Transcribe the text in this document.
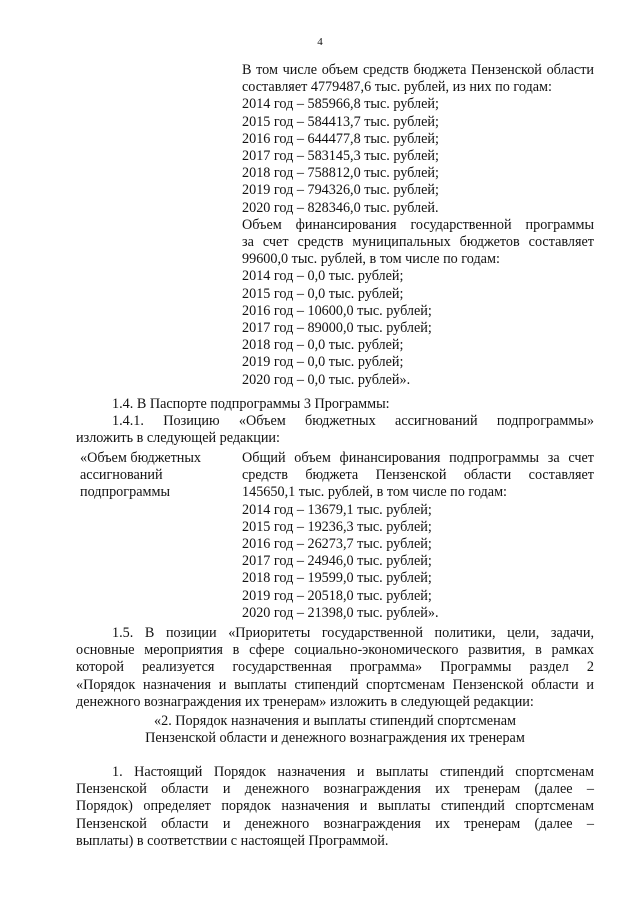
4

В том числе объем средств бюджета Пензенской области

составляет 4779487,6 тыс. рублей, из них по годам:

2014 год – 585966,8 тыс. рублей;

2015 год – 584413,7 тыс. рублей;

2016 год – 644477,8 тыс. рублей;

2017 год – 583145,3 тыс. рублей;

2018 год – 758812,0 тыс. рублей;

2019 год – 794326,0 тыс. рублей;

2020 год – 828346,0 тыс. рублей.

Объем финансирования государственной программы

за счет средств муниципальных бюджетов составляет

99600,0 тыс. рублей, в том числе по годам:

2014 год – 0,0 тыс. рублей;

2015 год – 0,0 тыс. рублей;

2016 год – 10600,0 тыс. рублей;

2017 год – 89000,0 тыс. рублей;

2018 год – 0,0 тыс. рублей;

2019 год – 0,0 тыс. рублей;

2020 год – 0,0 тыс. рублей».

1.4. В Паспорте подпрограммы 3 Программы:

1.4.1. Позицию «Объем бюджетных ассигнований подпрограммы»

изложить в следующей редакции:

«Объем бюджетных

ассигнований

подпрограммы

Общий объем финансирования подпрограммы за счет

средств бюджета Пензенской области составляет

145650,1 тыс. рублей, в том числе по годам:

2014 год – 13679,1 тыс. рублей;

2015 год – 19236,3 тыс. рублей;

2016 год – 26273,7 тыс. рублей;

2017 год – 24946,0 тыс. рублей;

2018 год – 19599,0 тыс. рублей;

2019 год – 20518,0 тыс. рублей;

2020 год – 21398,0 тыс. рублей».

1.5. В позиции «Приоритеты государственной политики, цели, задачи,

основные мероприятия в сфере социально-экономического развития, в рамках

которой реализуется государственная программа» Программы раздел 2

«Порядок назначения и выплаты стипендий спортсменам Пензенской области и

денежного вознаграждения их тренерам» изложить в следующей редакции:

«2. Порядок назначения и выплаты стипендий спортсменам

Пензенской области и денежного вознаграждения их тренерам

1. Настоящий Порядок назначения и выплаты стипендий спортсменам

Пензенской области и денежного вознаграждения их тренерам (далее –

Порядок) определяет порядок назначения и выплаты стипендий спортсменам

Пензенской области и денежного вознаграждения их тренерам (далее –

выплаты) в соответствии с настоящей Программой.
